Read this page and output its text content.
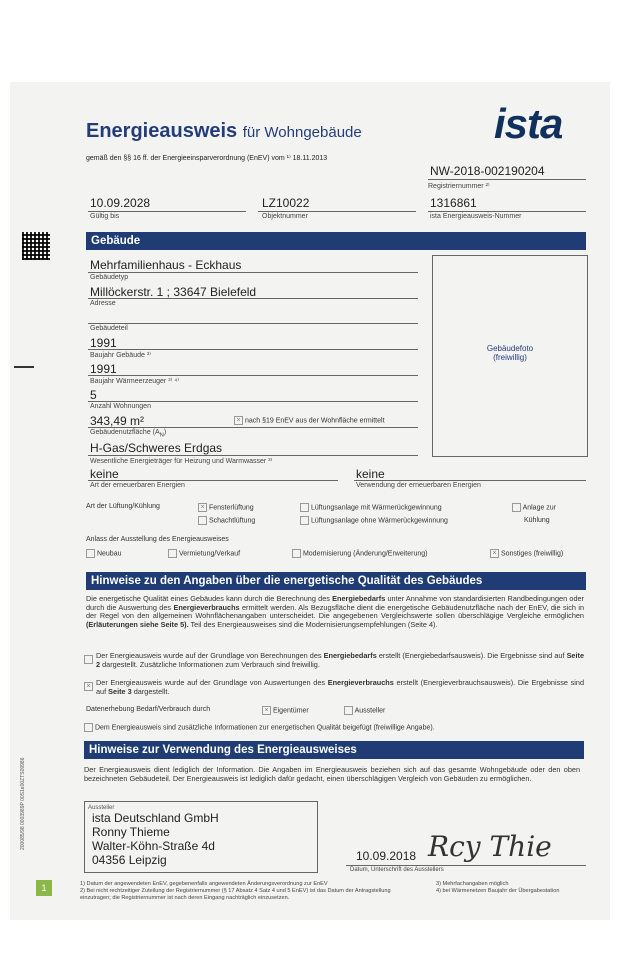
Energieausweis für Wohngebäude
gemäß den §§ 16 ff. der Energieeinsparverordnung (EnEV) vom ¹⁾ 18.11.2013
ista
NW-2018-002190204
Registriernummer ²⁾
10.09.2028
Gültig bis
LZ10022
Objektnummer
1316861
ista Energieausweis-Nummer
Gebäude
Mehrfamilienhaus - Eckhaus
Gebäudetyp
Millöckerstr. 1 ; 33647 Bielefeld
Adresse
Gebäudeteil
1991
Baujahr Gebäude ³⁾
1991
Baujahr Wärmeerzeuger ³⁾ ⁴⁾
5
Anzahl Wohnungen
343,49 m²	× nach §19 EnEV aus der Wohnfläche ermittelt
Gebäudenutzfläche $(A_N)$
H-Gas/Schweres Erdgas
Wesentliche Energieträger für Heizung und Warmwasser ³⁾
Gebäudefoto
(freiwillig)
keine
Art der erneuerbaren Energien
keine
Verwendung der erneuerbaren Energien
Art der Lüftung/Kühlung	× Fensterlüftung
Schachtlüftung
Lüftungsanlage mit Wärmerückgewinnung
Lüftungsanlage ohne Wärmerückgewinnung
Anlage zur
Kühlung
Anlass der Ausstellung des Energieausweises
Neubau	Vermietung/Verkauf	Modernisierung (Änderung/Erweiterung)	× Sonstiges (freiwillig)
Hinweise zu den Angaben über die energetische Qualität des Gebäudes
Die energetische Qualität eines Gebäudes kann durch die Berechnung des Energiebedarfs unter Annahme von standardisierten Randbedingungen oder durch die Auswertung des Energieverbrauchs ermittelt werden. Als Bezugsfläche dient die energetische Gebäudenutzfläche nach der EnEV, die sich in der Regel von den allgemeinen Wohnflächenangaben unterscheidet. Die angegebenen Vergleichswerte sollen überschlägige Vergleiche ermöglichen (Erläuterungen siehe Seite 5). Teil des Energieausweises sind die Modernisierungsempfehlungen (Seite 4).
Der Energieausweis wurde auf der Grundlage von Berechnungen des Energiebedarfs erstellt (Energiebedarfsausweis). Die Ergebnisse sind auf Seite 2 dargestellt. Zusätzliche Informationen zum Verbrauch sind freiwillig.
× Der Energieausweis wurde auf der Grundlage von Auswertungen des Energieverbrauchs erstellt (Energieverbrauchsausweis). Die Ergebnisse sind auf Seite 3 dargestellt.
Datenerhebung Bedarf/Verbrauch durch	× Eigentümer	Aussteller
Dem Energieausweis sind zusätzliche Informationen zur energetischen Qualität beigefügt (freiwillige Angabe).
Hinweise zur Verwendung des Energieausweises
Der Energieausweis dient lediglich der Information. Die Angaben im Energieausweis beziehen sich auf das gesamte Wohngebäude oder den oben bezeichneten Gebäudeteil. Der Energieausweis ist lediglich dafür gedacht, einen überschlägigen Vergleich von Gebäuden zu ermöglichen.
Aussteller
ista Deutschland GmbH
Ronny Thieme
Walter-Köhn-Straße 4d
04356 Leipzig	10.09.2018 Rcy Thie
Datum, Unterschrift des Ausstellers
1	1) Datum der angewendeten EnEV, gegebenenfalls angewendeten Änderungsverordnung zur EnEV
2) Bei nicht rechtzeitiger Zuteilung der Registriernummer (§ 17 Absatz 4 Satz 4 und 5 EnEV) ist das Datum der Antragstellung einzutragen; die Registriernummer ist nach deren Eingang nachträglich einzusetzen.
3) Mehrfachangaben möglich
4) bei Wärmenetzen Baujahr der Übergabestation
200085/98 0003989P 00S1e00ZTS09986
